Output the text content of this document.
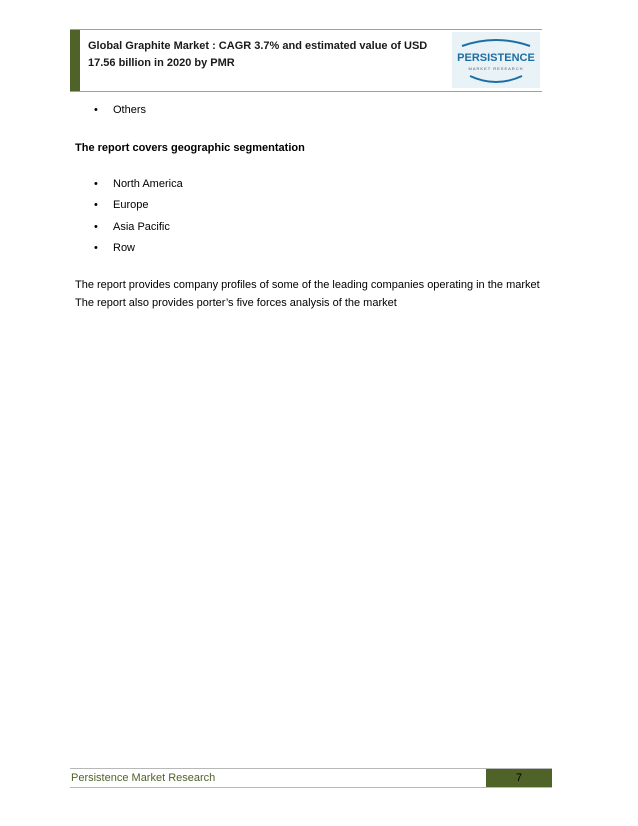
Global Graphite Market : CAGR 3.7% and estimated value of USD 17.56 billion in 2020 by PMR	PERSISTENCE
MARKET RESEARCH
• Others
The report covers geographic segmentation
• North America
• Europe
• Asia Pacific
• Row
The report provides company profiles of some of the leading companies operating in the market
The report also provides porter’s five forces analysis of the market
Persistence Market Research	7
